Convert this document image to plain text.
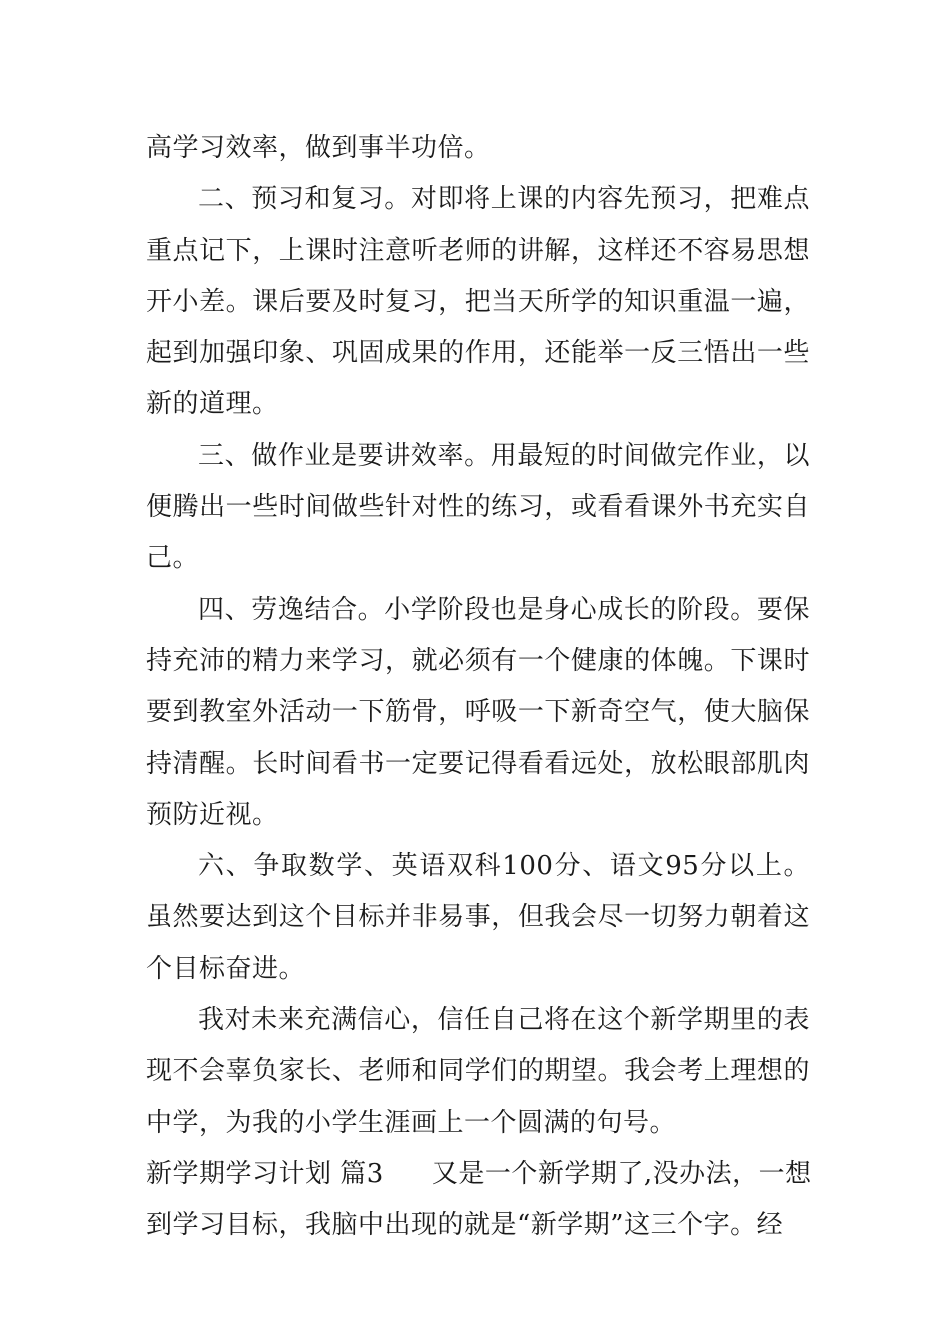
高学习效率，做到事半功倍。

二、预习和复习。对即将上课的内容先预习，把难点重点记下，上课时注意听老师的讲解，这样还不容易思想开小差。课后要及时复习，把当天所学的知识重温一遍，起到加强印象、巩固成果的作用，还能举一反三悟出一些新的道理。

三、做作业是要讲效率。用最短的时间做完作业，以便腾出一些时间做些针对性的练习，或看看课外书充实自己。

四、劳逸结合。小学阶段也是身心成长的阶段。要保持充沛的精力来学习，就必须有一个健康的体魄。下课时要到教室外活动一下筋骨，呼吸一下新奇空气，使大脑保持清醒。长时间看书一定要记得看看远处，放松眼部肌肉预防近视。

六、争取数学、英语双科100分、语文95分以上。虽然要达到这个目标并非易事，但我会尽一切努力朝着这个目标奋进。

我对未来充满信心，信任自己将在这个新学期里的表现不会辜负家长、老师和同学们的期望。我会考上理想的中学，为我的小学生涯画上一个圆满的句号。

新学期学习计划 篇3 又是一个新学期了,没办法，一想

到学习目标，我脑中出现的就是“新学期”这三个字。经
